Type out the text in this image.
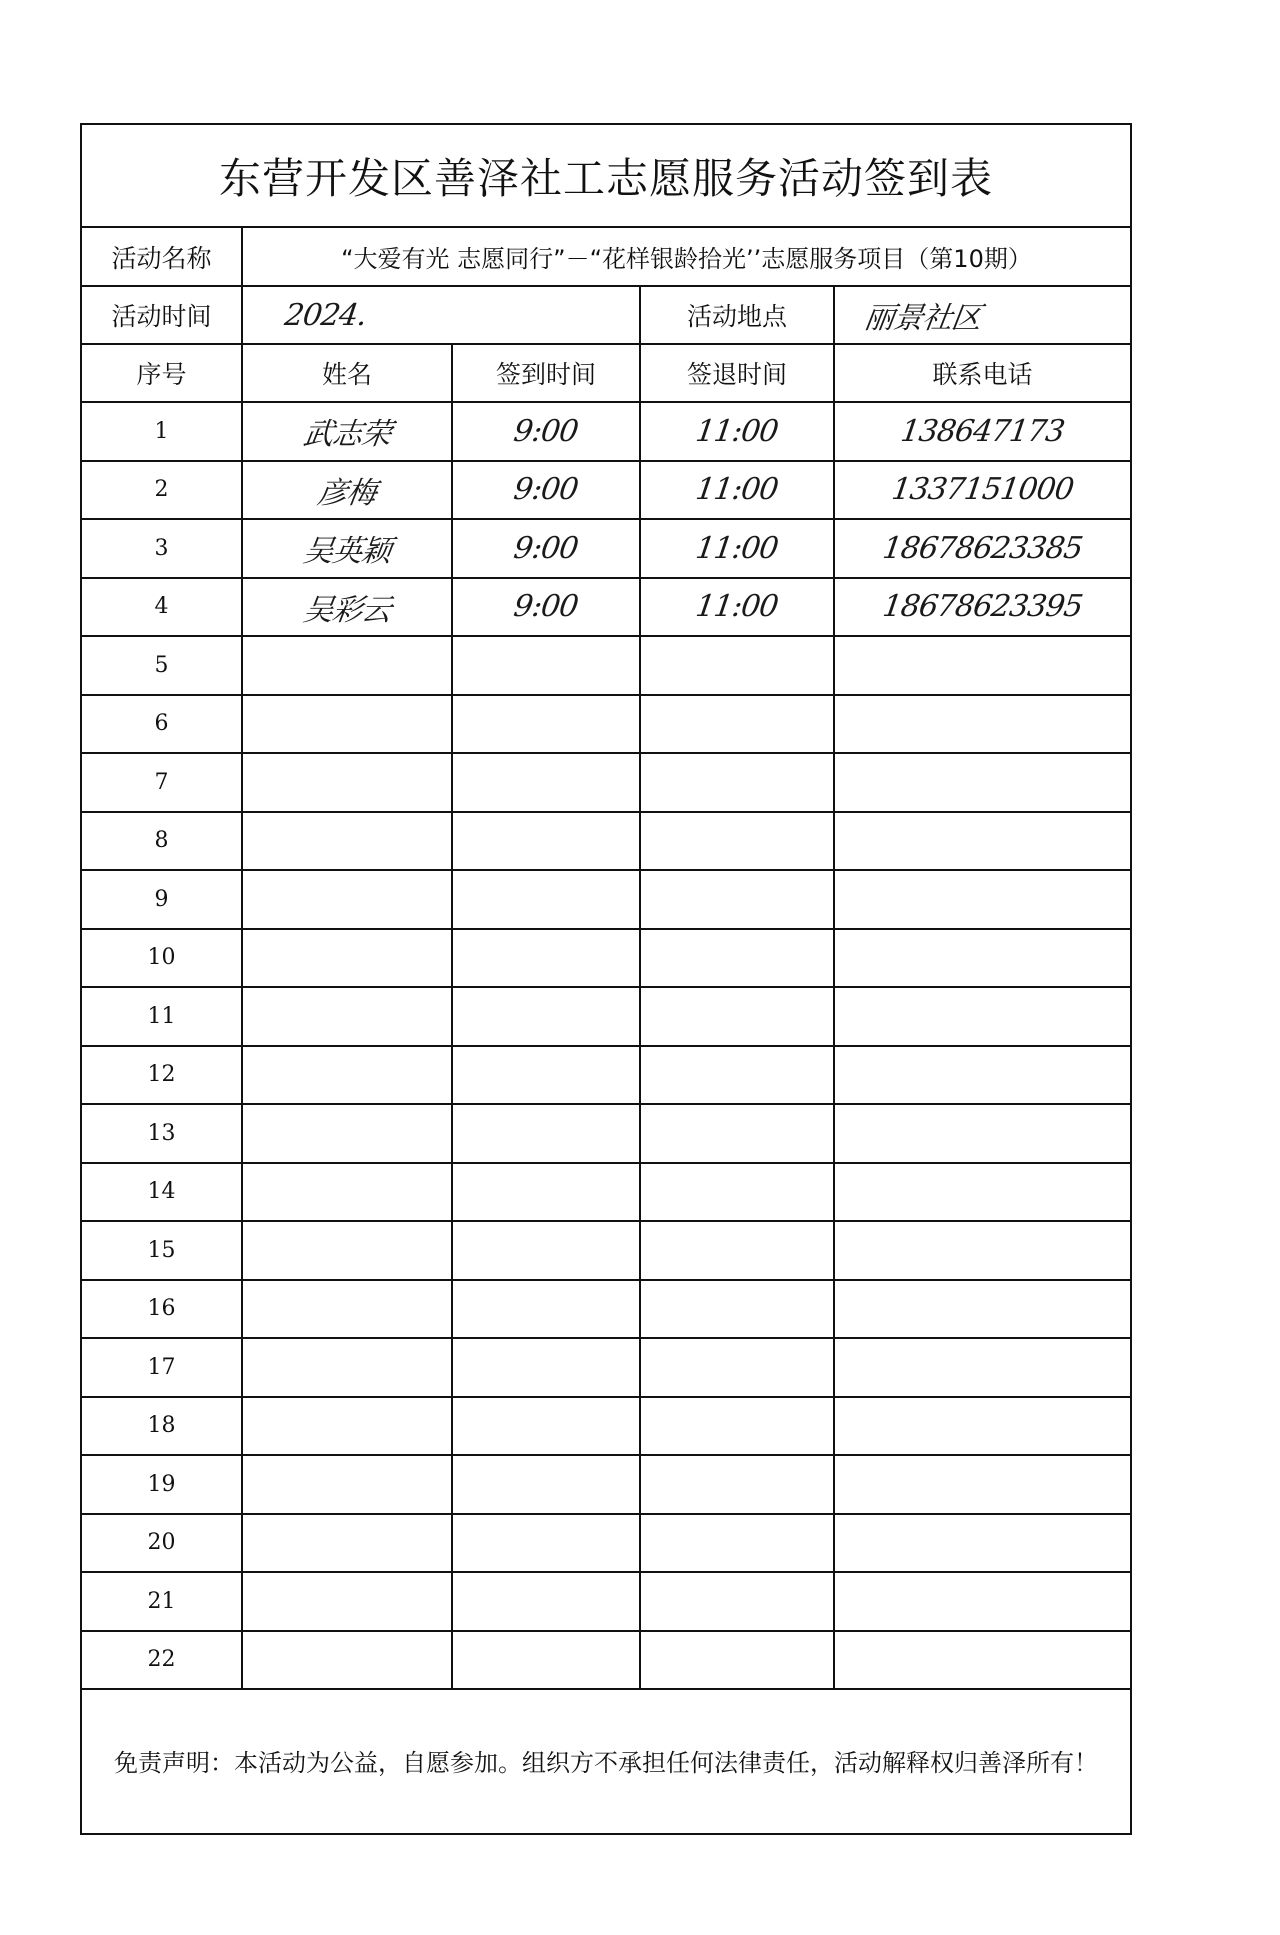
东营开发区善泽社工志愿服务活动签到表
活动名称	“大爱有光 志愿同行”－“花样银龄拾光’’志愿服务项目（第10期）
活动时间	2024.	活动地点	丽景社区
序号	姓名	签到时间	签退时间	联系电话
1	武志荣	9:00	11:00	138647173
2	彦梅	9:00	11:00	1337151000
3	吴英颖	9:00	11:00	18678623385
4	吴彩云	9:00	11:00	18678623395
5
6
7
8
9
10
11
12
13
14
15
16
17
18
19
20
21
22
免责声明：本活动为公益，自愿参加。组织方不承担任何法律责任，活动解释权归善泽所有！
